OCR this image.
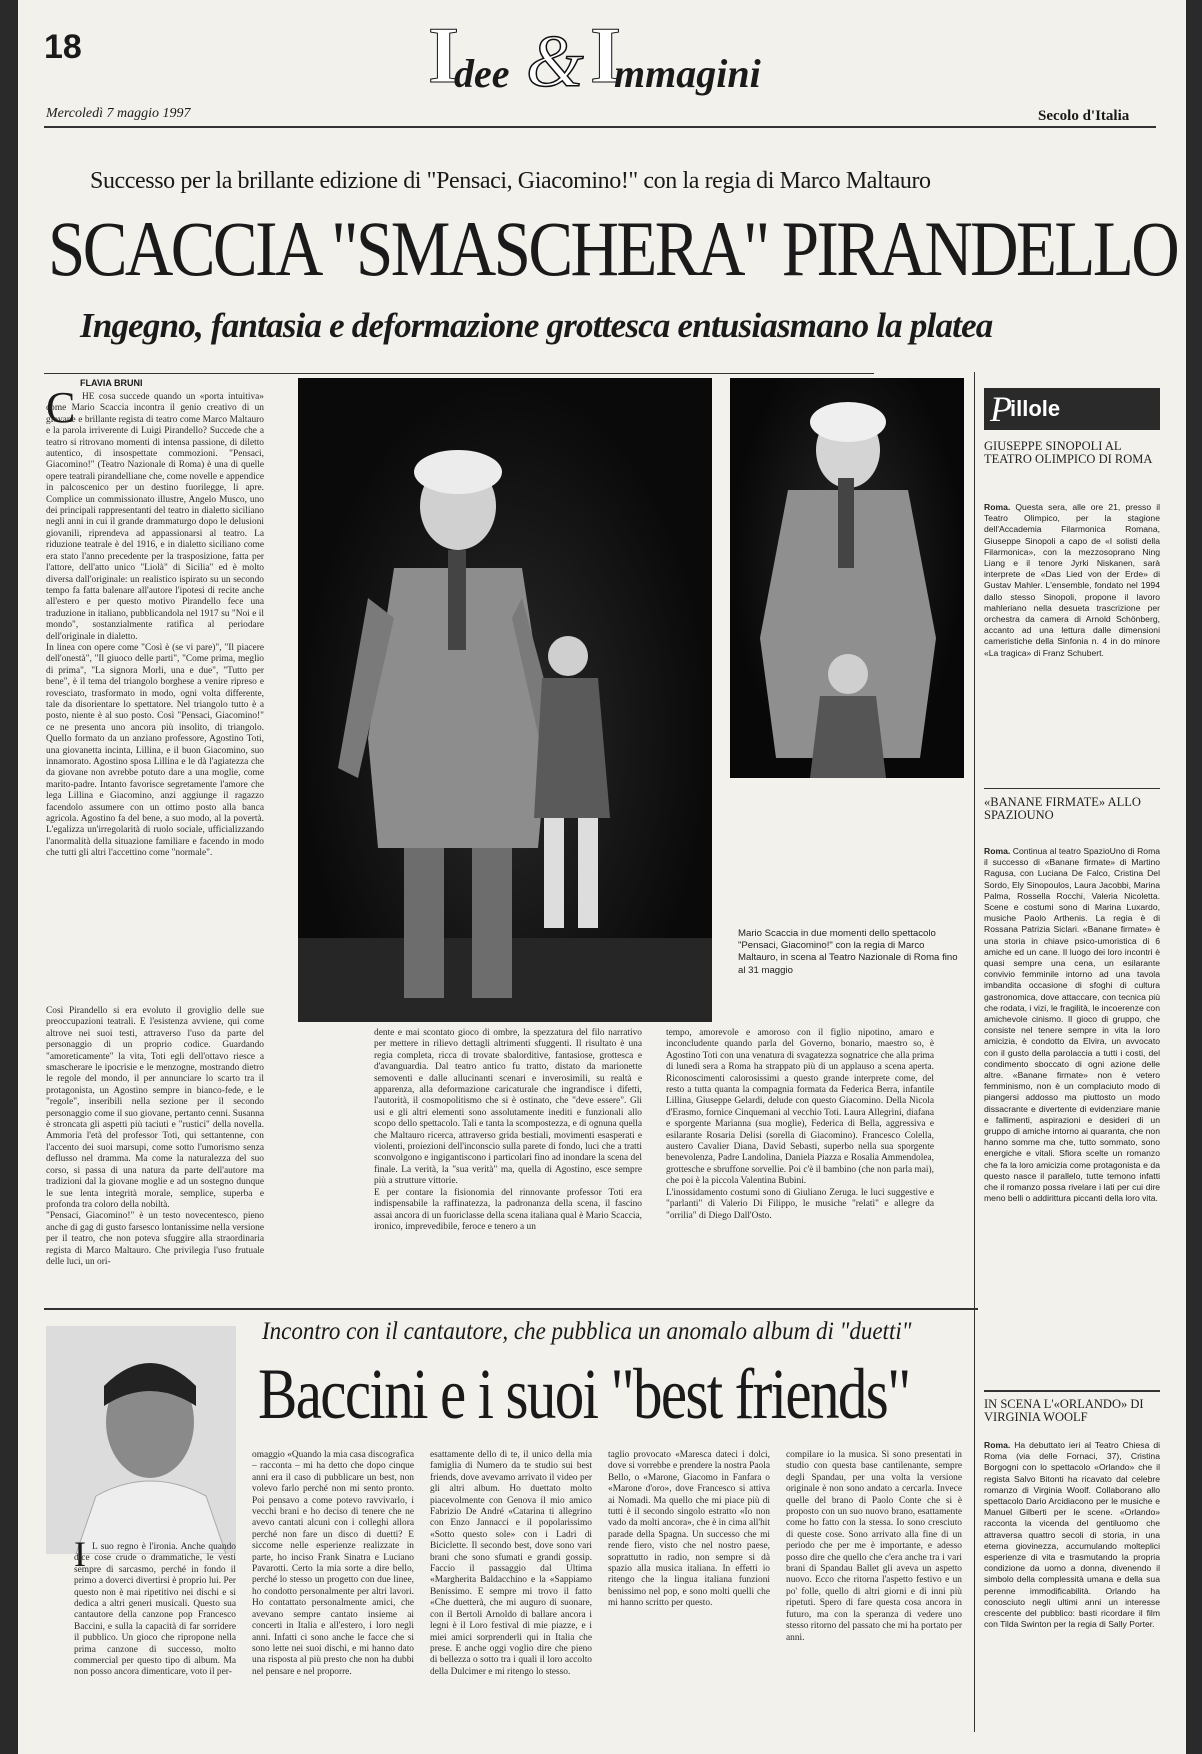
18	I
dee & I
mmagini
Mercoledì 7 maggio 1997	Secolo d'Italia
Successo per la brillante edizione di "Pensaci, Giacomino!" con la regia di Marco Maltauro
SCACCIA "SMASCHERA" PIRANDELLO
Ingegno, fantasia e deformazione grottesca entusiasmano la platea
FLAVIA BRUNI
C HE cosa succede quando un «porta intuitiva» come Mario Scaccia incontra il genio creativo di un giovane e brillante regista di teatro come Marco Maltauro e la parola irriverente di Luigi Pirandello? Succede che a teatro si ritrovano momenti di intensa passione, di diletto autentico, di insospettate commozioni. "Pensaci, Giacomino!" (Teatro Nazionale di Roma) è una di quelle opere teatrali pirandelliane che, come novelle e appendice in palcoscenico per un destino fuorilegge, li apre. Complice un commissionato illustre, Angelo Musco, uno dei principali rappresentanti del teatro in dialetto siciliano negli anni in cui il grande drammaturgo dopo le delusioni giovanili, riprendeva ad appassionarsi al teatro. La riduzione teatrale è del 1916, e in dialetto siciliano come era stato l'anno precedente per la trasposizione, fatta per l'attore, dell'atto unico "Liolà" di Sicilia" ed è molto diversa dall'originale: un realistico ispirato su un secondo tempo fa fatta balenare all'autore l'ipotesi di recite anche all'estero e per questo motivo Pirandello fece una traduzione in italiano, pubblicandola nel 1917 su "Noi e il mondo", sostanzialmente ratifica al periodare dell'originale in dialetto.
In linea con opere come "Così è (se vi pare)", "Il piacere dell'onestà", "Il giuoco delle parti", "Come prima, meglio di prima", "La signora Morli, una e due", "Tutto per bene", è il tema del triangolo borghese a venire ripreso e rovesciato, trasformato in modo, ogni volta differente, tale da disorientare lo spettatore. Nel triangolo tutto è a posto, niente è al suo posto. Così "Pensaci, Giacomino!" ce ne presenta uno ancora più insolito, di triangolo. Quello formato da un anziano professore, Agostino Toti, una giovanetta incinta, Lillina, e il buon Giacomino, suo innamorato. Agostino sposa Lillina e le dà l'agiatezza che da giovane non avrebbe potuto dare a una moglie, come marito-padre. Intanto favorisce segretamente l'amore che lega Lillina e Giacomino, anzi aggiunge il ragazzo facendolo assumere con un ottimo posto alla banca agricola. Agostino fa del bene, a suo modo, al la povertà. L'egalizza un'irregolarità di ruolo sociale, ufficializzando l'anormalità della situazione familiare e facendo in modo che tutti gli altri l'accettino come "normale".
Così Pirandello si era evoluto il groviglio delle sue preoccupazioni teatrali. E l'esistenza avviene, qui come altrove nei suoi testi, attraverso l'uso da parte del personaggio di un proprio codice. Guardando "amoreticamente" la vita, Toti egli dell'ottavo riesce a smascherare le ipocrisie e le menzogne, mostrando dietro le regole del mondo, il per annunciare lo scarto tra il protagonista, un Agostino sempre in bianco-fede, e le "regole", inseribili nella sezione per il secondo personaggio come il suo giovane, pertanto cenni. Susanna è stroncata gli aspetti più taciuti e "rustici" della novella. Ammoria l'età del professor Toti, qui settantenne, con l'accento dei suoi marsupi, come sotto l'umorismo senza deflusso nel dramma. Ma come la naturalezza del suo corso, si passa di una natura da parte dell'autore ma tradizioni dal la giovane moglie e ad un sostegno dunque le sue lenta integrità morale, semplice, superba e profonda tra coloro della nobiltà.
"Pensaci, Giacomino!" è un testo novecentesco, pieno anche di gag di gusto farsesco lontanissime nella versione per il teatro, che non poteva sfuggire alla straordinaria regista di Marco Maltauro. Che privilegia l'uso frutuale delle luci, un ori-
Mario Scaccia in due momenti dello spettacolo "Pensaci, Giacomino!" con la regia di Marco Maltauro, in scena al Teatro Nazionale di Roma fino al 31 maggio
dente e mai scontato gioco di ombre, la spezzatura del filo narrativo per mettere in rilievo dettagli altrimenti sfuggenti. Il risultato è una regia completa, ricca di trovate sbalorditive, fantasiose, grottesca e d'avanguardia. Dal teatro antico fu tratto, distato da marionette semoventi e dalle allucinanti scenari e inverosimili, su realtà e apparenza, alla deformazione caricaturale che ingrandisce i difetti, l'autorità, il cosmopolitismo che si è ostinato, che "deve essere". Gli usi e gli altri elementi sono assolutamente inediti e funzionali allo scopo dello spettacolo. Tali e tanta la scompostezza, e di ognuna quella che Maltauro ricerca, attraverso grida bestiali, movimenti esasperati e violenti, proiezioni dell'inconscio sulla parete di fondo, luci che a tratti sconvolgono e ingigantiscono i particolari fino ad inondare la scena del finale. La verità, la "sua verità" ma, quella di Agostino, esce sempre più a strutture vittorie.
E per contare la fisionomia del rinnovante professor Toti era indispensabile la raffinatezza, la padronanza della scena, il fascino assai ancora di un fuoriclasse della scena italiana qual è Mario Scaccia, ironico, imprevedibile, feroce e tenero a un
tempo, amorevole e amoroso con il figlio nipotino, amaro e inconcludente quando parla del Governo, bonario, maestro so, è Agostino Toti con una venatura di svagatezza sognatrice che alla prima di lunedì sera a Roma ha strappato più di un applauso a scena aperta. Riconoscimenti calorosissimi a questo grande interprete come, del resto a tutta quanta la compagnia formata da Federica Berra, infantile Lillina, Giuseppe Gelardi, delude con questo Giacomino. Della Nicola d'Erasmo, fornice Cinquemani al vecchio Toti. Laura Allegrini, diafana e sporgente Marianna (sua moglie), Federica di Bella, aggressiva e esilarante Rosaria Delisi (sorella di Giacomino). Francesco Colella, austero Cavalier Diana, David Sebasti, superbo nella sua sporgente benevolenza, Padre Landolina, Daniela Piazza e Rosalia Ammendolea, grottesche e sbruffone sorvellie. Poi c'è il bambino (che non parla mai), che poi è la piccola Valentina Bubini.
L'inossidamento costumi sono di Giuliano Zeruga. le luci suggestive e "parlanti" di Valerio Di Filippo, le musiche "relatì" e allegre da "orrilia" di Diego Dall'Osto.
P
illole
GIUSEPPE SINOPOLI AL TEATRO OLIMPICO DI ROMA
Roma. Questa sera, alle ore 21, presso il Teatro Olimpico, per la stagione dell'Accademia Filarmonica Romana, Giuseppe Sinopoli a capo de «I solisti della Filarmonica», con la mezzosoprano Ning Liang e il tenore Jyrki Niskanen, sarà interprete de «Das Lied von der Erde» di Gustav Mahler. L'ensemble, fondato nel 1994 dallo stesso Sinopoli, propone il lavoro mahleriano nella desueta trascrizione per orchestra da camera di Arnold Schönberg, accanto ad una lettura dalle dimensioni cameristiche della Sinfonia n. 4 in do minore «La tragica» di Franz Schubert.
«BANANE FIRMATE» ALLO SPAZIOUNO
Roma. Continua al teatro SpazioUno di Roma il successo di «Banane firmate» di Martino Ragusa, con Luciana De Falco, Cristina Del Sordo, Ely Sinopoulos, Laura Jacobbi, Marina Palma, Rossella Rocchi, Valeria Nicoletta. Scene e costumi sono di Marina Luxardo, musiche Paolo Arthenis. La regia è di Rossana Patrizia Siclari. «Banane firmate» è una storia in chiave psico-umoristica di 6 amiche ed un cane. Il luogo dei loro incontri è quasi sempre una cena, un esilarante convivio femminile intorno ad una tavola imbandita occasione di sfoghi di cultura gastronomica, dove attaccare, con tecnica più che rodata, i vizi, le fragilità, le incoerenze con amichevole cinismo. Il gioco di gruppo, che consiste nel tenere sempre in vita la loro amicizia, è condotto da Elvira, un avvocato con il gusto della parolaccia a tutti i costi, del condimento sboccato di ogni azione delle altre. «Banane firmate» non è vetero femminismo, non è un complaciuto modo di piangersi addosso ma piuttosto un modo dissacrante e divertente di evidenziare manie e fallimenti, aspirazioni e desideri di un gruppo di amiche intorno ai quaranta, che non hanno somme ma che, tutto sommato, sono energiche e vitali. Sfiora scelte un romanzo che fa la loro amicizia come protagonista e da questo nasce il parallelo, tutte temono infatti che il romanzo possa rivelare i lati per cui dire meno belli o addirittura piccanti della loro vita.
IN SCENA L'«ORLANDO» DI VIRGINIA WOOLF
Roma. Ha debuttato ieri al Teatro Chiesa di Roma (via delle Fornaci, 37), Cristina Borgogni con lo spettacolo «Orlando» che il regista Salvo Bitonti ha ricavato dal celebre romanzo di Virginia Woolf. Collaborano allo spettacolo Dario Arcidiacono per le musiche e Manuel Gilberti per le scene. «Orlando» racconta la vicenda del gentiluomo che attraversa quattro secoli di storia, in una eterna giovinezza, accumulando molteplici esperienze di vita e trasmutando la propria condizione da uomo a donna, divenendo il simbolo della complessità umana e della sua perenne immodificabilità. Orlando ha conosciuto negli ultimi anni un interesse crescente del pubblico: basti ricordare il film con Tilda Swinton per la regia di Sally Porter.
Incontro con il cantautore, che pubblica un anomalo album di "duetti"
Baccini e i suoi "best friends"
I L suo regno è l'ironia. Anche quando dice cose crude o drammatiche, le vesti sempre di sarcasmo, perché in fondo il primo a doverci divertirsi è proprio lui. Per questo non è mai ripetitivo nei dischi e si dedica a altri generi musicali. Questo sua cantautore della canzone pop Francesco Baccini, e sulla la capacità di far sorridere il pubblico. Un gioco che ripropone nella prima canzone di successo, molto commercial per questo tipo di album. Ma non posso ancora dimenticare, voto il per-
omaggio «Quando la mia casa discografica – racconta – mi ha detto che dopo cinque anni era il caso di pubblicare un best, non volevo farlo perché non mi sento pronto. Poi pensavo a come potevo ravvivarlo, i vecchi brani e ho deciso di tenere che ne avevo cantati alcuni con i colleghi allora perché non fare un disco di duetti? E siccome nelle esperienze realizzate in parte, ho inciso Frank Sinatra e Luciano Pavarotti. Certo la mia sorte a dire bello, perché lo stesso un progetto con due linee, ho condotto personalmente per altri lavori. Ho contattato personalmente amici, che avevano sempre cantato insieme ai concerti in Italia e all'estero, i loro negli anni. Infatti ci sono anche le facce che si sono lette nei suoi dischi, e mi hanno dato una risposta al più presto che non ha dubbi nel pensare e nel proporre.
esattamente dello di te, il unico della mia famiglia di Numero da te studio sui best friends, dove avevamo arrivato il video per gli altri album. Ho duettato molto piacevolmente con Genova il mio amico Fabrizio De André «Catarina ti allegrino con Enzo Jannacci e il popolarissimo «Sotto questo sole» con i Ladri di Biciclette. Il secondo best, dove sono vari brani che sono sfumati e grandi gossip. Faccio il passaggio dal Ultima «Margherita Baldacchino e la «Sappiamo Benissimo. E sempre mi trovo il fatto «Che duetterà, che mi auguro di suonare, con il Bertoli Arnoldo di ballare ancora i legni è il Loro festival di mie piazze, e i miei amici sorprenderli qui in Italia che prese. E anche oggi voglio dire che pieno di bellezza o sotto tra i quali il loro accolto della Dulcimer e mi ritengo lo stesso.
taglio provocato «Maresca dateci i dolci, dove si vorrebbe e prendere la nostra Paola Bello, o «Marone, Giacomo in Fanfara o «Marone d'oro», dove Francesco si attiva ai Nomadi. Ma quello che mi piace più di tutti è il secondo singolo estratto «Io non vado da molti ancora», che è in cima all'hit parade della Spagna. Un successo che mi rende fiero, visto che nel nostro paese, soprattutto in radio, non sempre si dà spazio alla musica italiana. In effetti io ritengo che la lingua italiana funzioni benissimo nel pop, e sono molti quelli che mi hanno scritto per questo.
compilare io la musica. Si sono presentati in studio con questa base cantilenante, sempre degli Spandau, per una volta la versione originale è non sono andato a cercarla. Invece quelle del brano di Paolo Conte che si è proposto con un suo nuovo brano, esattamente come ho fatto con la stessa. Io sono cresciuto di queste cose. Sono arrivato alla fine di un periodo che per me è importante, e adesso posso dire che quello che c'era anche tra i vari brani di Spandau Ballet gli aveva un aspetto nuovo. Ecco che ritorna l'aspetto festivo e un po' folle, quello di altri giorni e di inni più ripetuti. Spero di fare questa cosa ancora in futuro, ma con la speranza di vedere uno stesso ritorno del passato che mi ha portato per anni.
